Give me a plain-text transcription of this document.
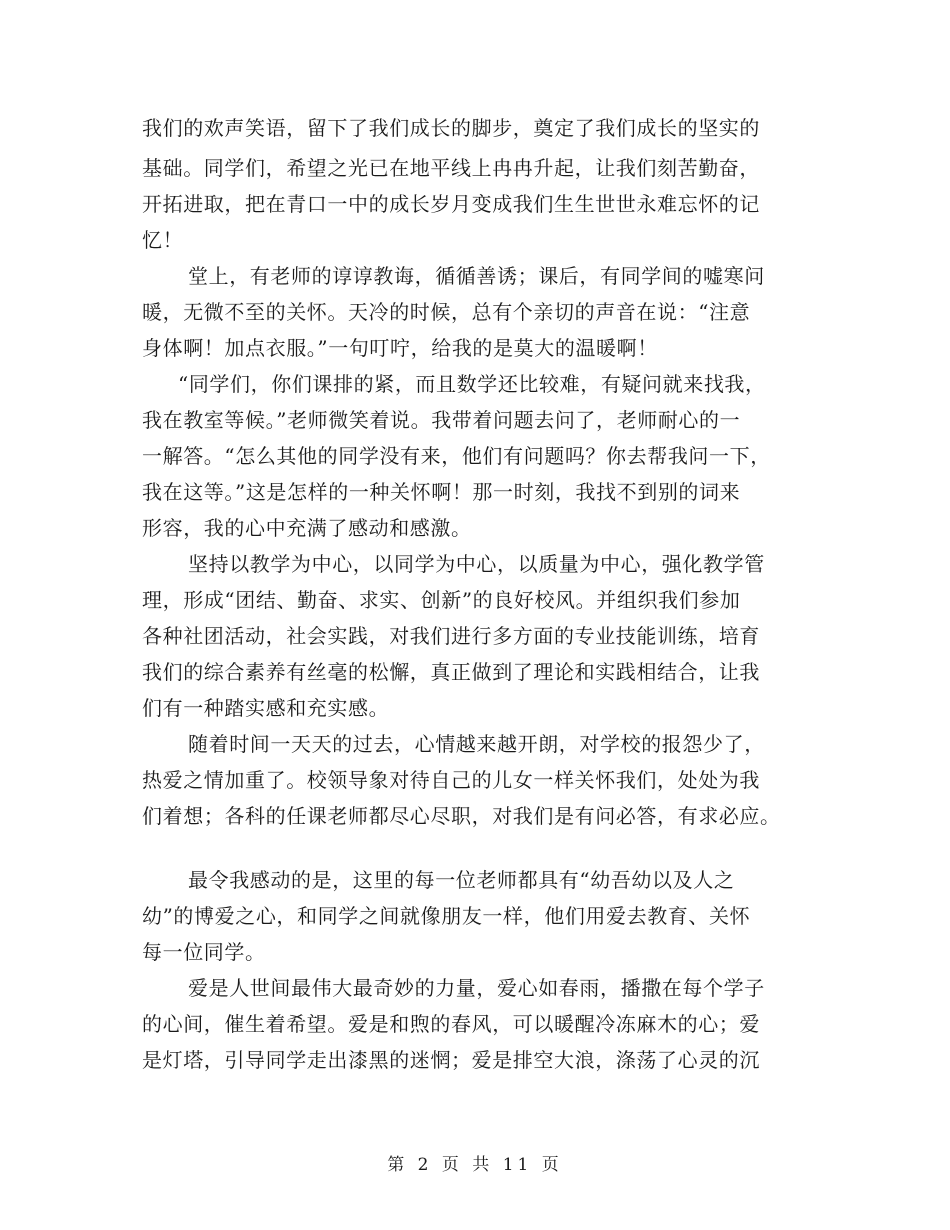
我们的欢声笑语，留下了我们成长的脚步，奠定了我们成长的坚实的
基础。同学们，希望之光已在地平线上冉冉升起，让我们刻苦勤奋，
开拓进取，把在青口一中的成长岁月变成我们生生世世永难忘怀的记
忆！
堂上，有老师的谆谆教诲，循循善诱；课后，有同学间的嘘寒问
暖，无微不至的关怀。天冷的时候，总有个亲切的声音在说：“注意
身体啊！加点衣服。”一句叮咛，给我的是莫大的温暖啊！
“同学们，你们课排的紧，而且数学还比较难，有疑问就来找我，
我在教室等候。”老师微笑着说。我带着问题去问了，老师耐心的一
一解答。“怎么其他的同学没有来，他们有问题吗？你去帮我问一下，
我在这等。”这是怎样的一种关怀啊！那一时刻，我找不到别的词来
形容，我的心中充满了感动和感激。
坚持以教学为中心，以同学为中心，以质量为中心，强化教学管
理，形成“团结、勤奋、求实、创新”的良好校风。并组织我们参加
各种社团活动，社会实践，对我们进行多方面的专业技能训练，培育
我们的综合素养有丝毫的松懈，真正做到了理论和实践相结合，让我
们有一种踏实感和充实感。
随着时间一天天的过去，心情越来越开朗，对学校的报怨少了，
热爱之情加重了。校领导象对待自己的儿女一样关怀我们，处处为我
们着想；各科的任课老师都尽心尽职，对我们是有问必答，有求必应。
最令我感动的是，这里的每一位老师都具有“幼吾幼以及人之
幼”的博爱之心，和同学之间就像朋友一样，他们用爱去教育、关怀
每一位同学。
爱是人世间最伟大最奇妙的力量，爱心如春雨，播撒在每个学子
的心间，催生着希望。爱是和煦的春风，可以暖醒冷冻麻木的心；爱
是灯塔，引导同学走出漆黑的迷惘；爱是排空大浪，涤荡了心灵的沉
第 2 页 共 11 页
